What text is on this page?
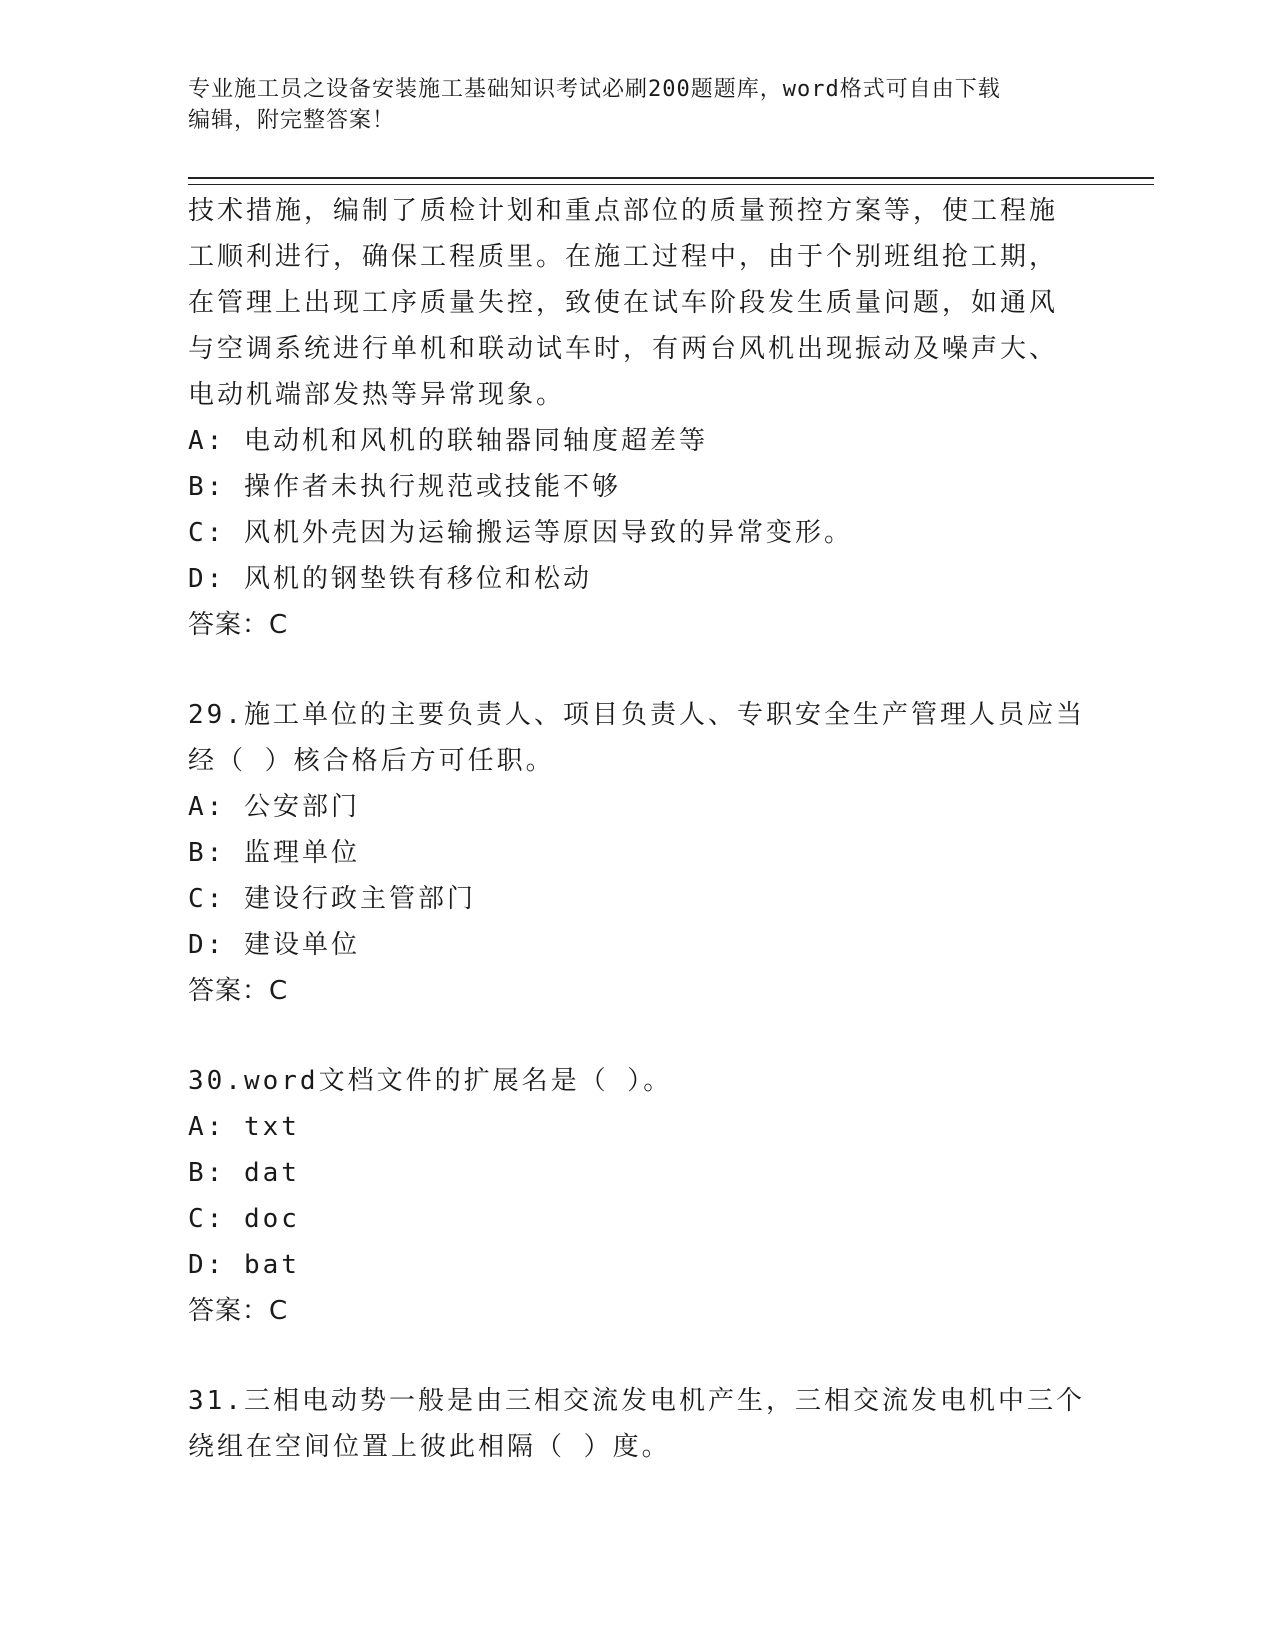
专业施工员之设备安装施工基础知识考试必刷200题题库，word格式可自由下载
编辑，附完整答案！
技术措施，编制了质检计划和重点部位的质量预控方案等，使工程施
工顺利进行，确保工程质里。在施工过程中，由于个别班组抢工期，
在管理上出现工序质量失控，致使在试车阶段发生质量问题，如通风
与空调系统进行单机和联动试车时，有两台风机出现振动及噪声大、
电动机端部发热等异常现象。
A: 电动机和风机的联轴器同轴度超差等
B: 操作者未执行规范或技能不够
C: 风机外壳因为运输搬运等原因导致的异常变形。
D: 风机的钢垫铁有移位和松动
答案：C
29.施工单位的主要负责人、项目负责人、专职安全生产管理人员应当
经（ ）核合格后方可任职。
A: 公安部门
B: 监理单位
C: 建设行政主管部门
D: 建设单位
答案：C
30.word文档文件的扩展名是（ ）。
A: txt
B: dat
C: doc
D: bat
答案：C
31.三相电动势一般是由三相交流发电机产生，三相交流发电机中三个
绕组在空间位置上彼此相隔（ ）度。
